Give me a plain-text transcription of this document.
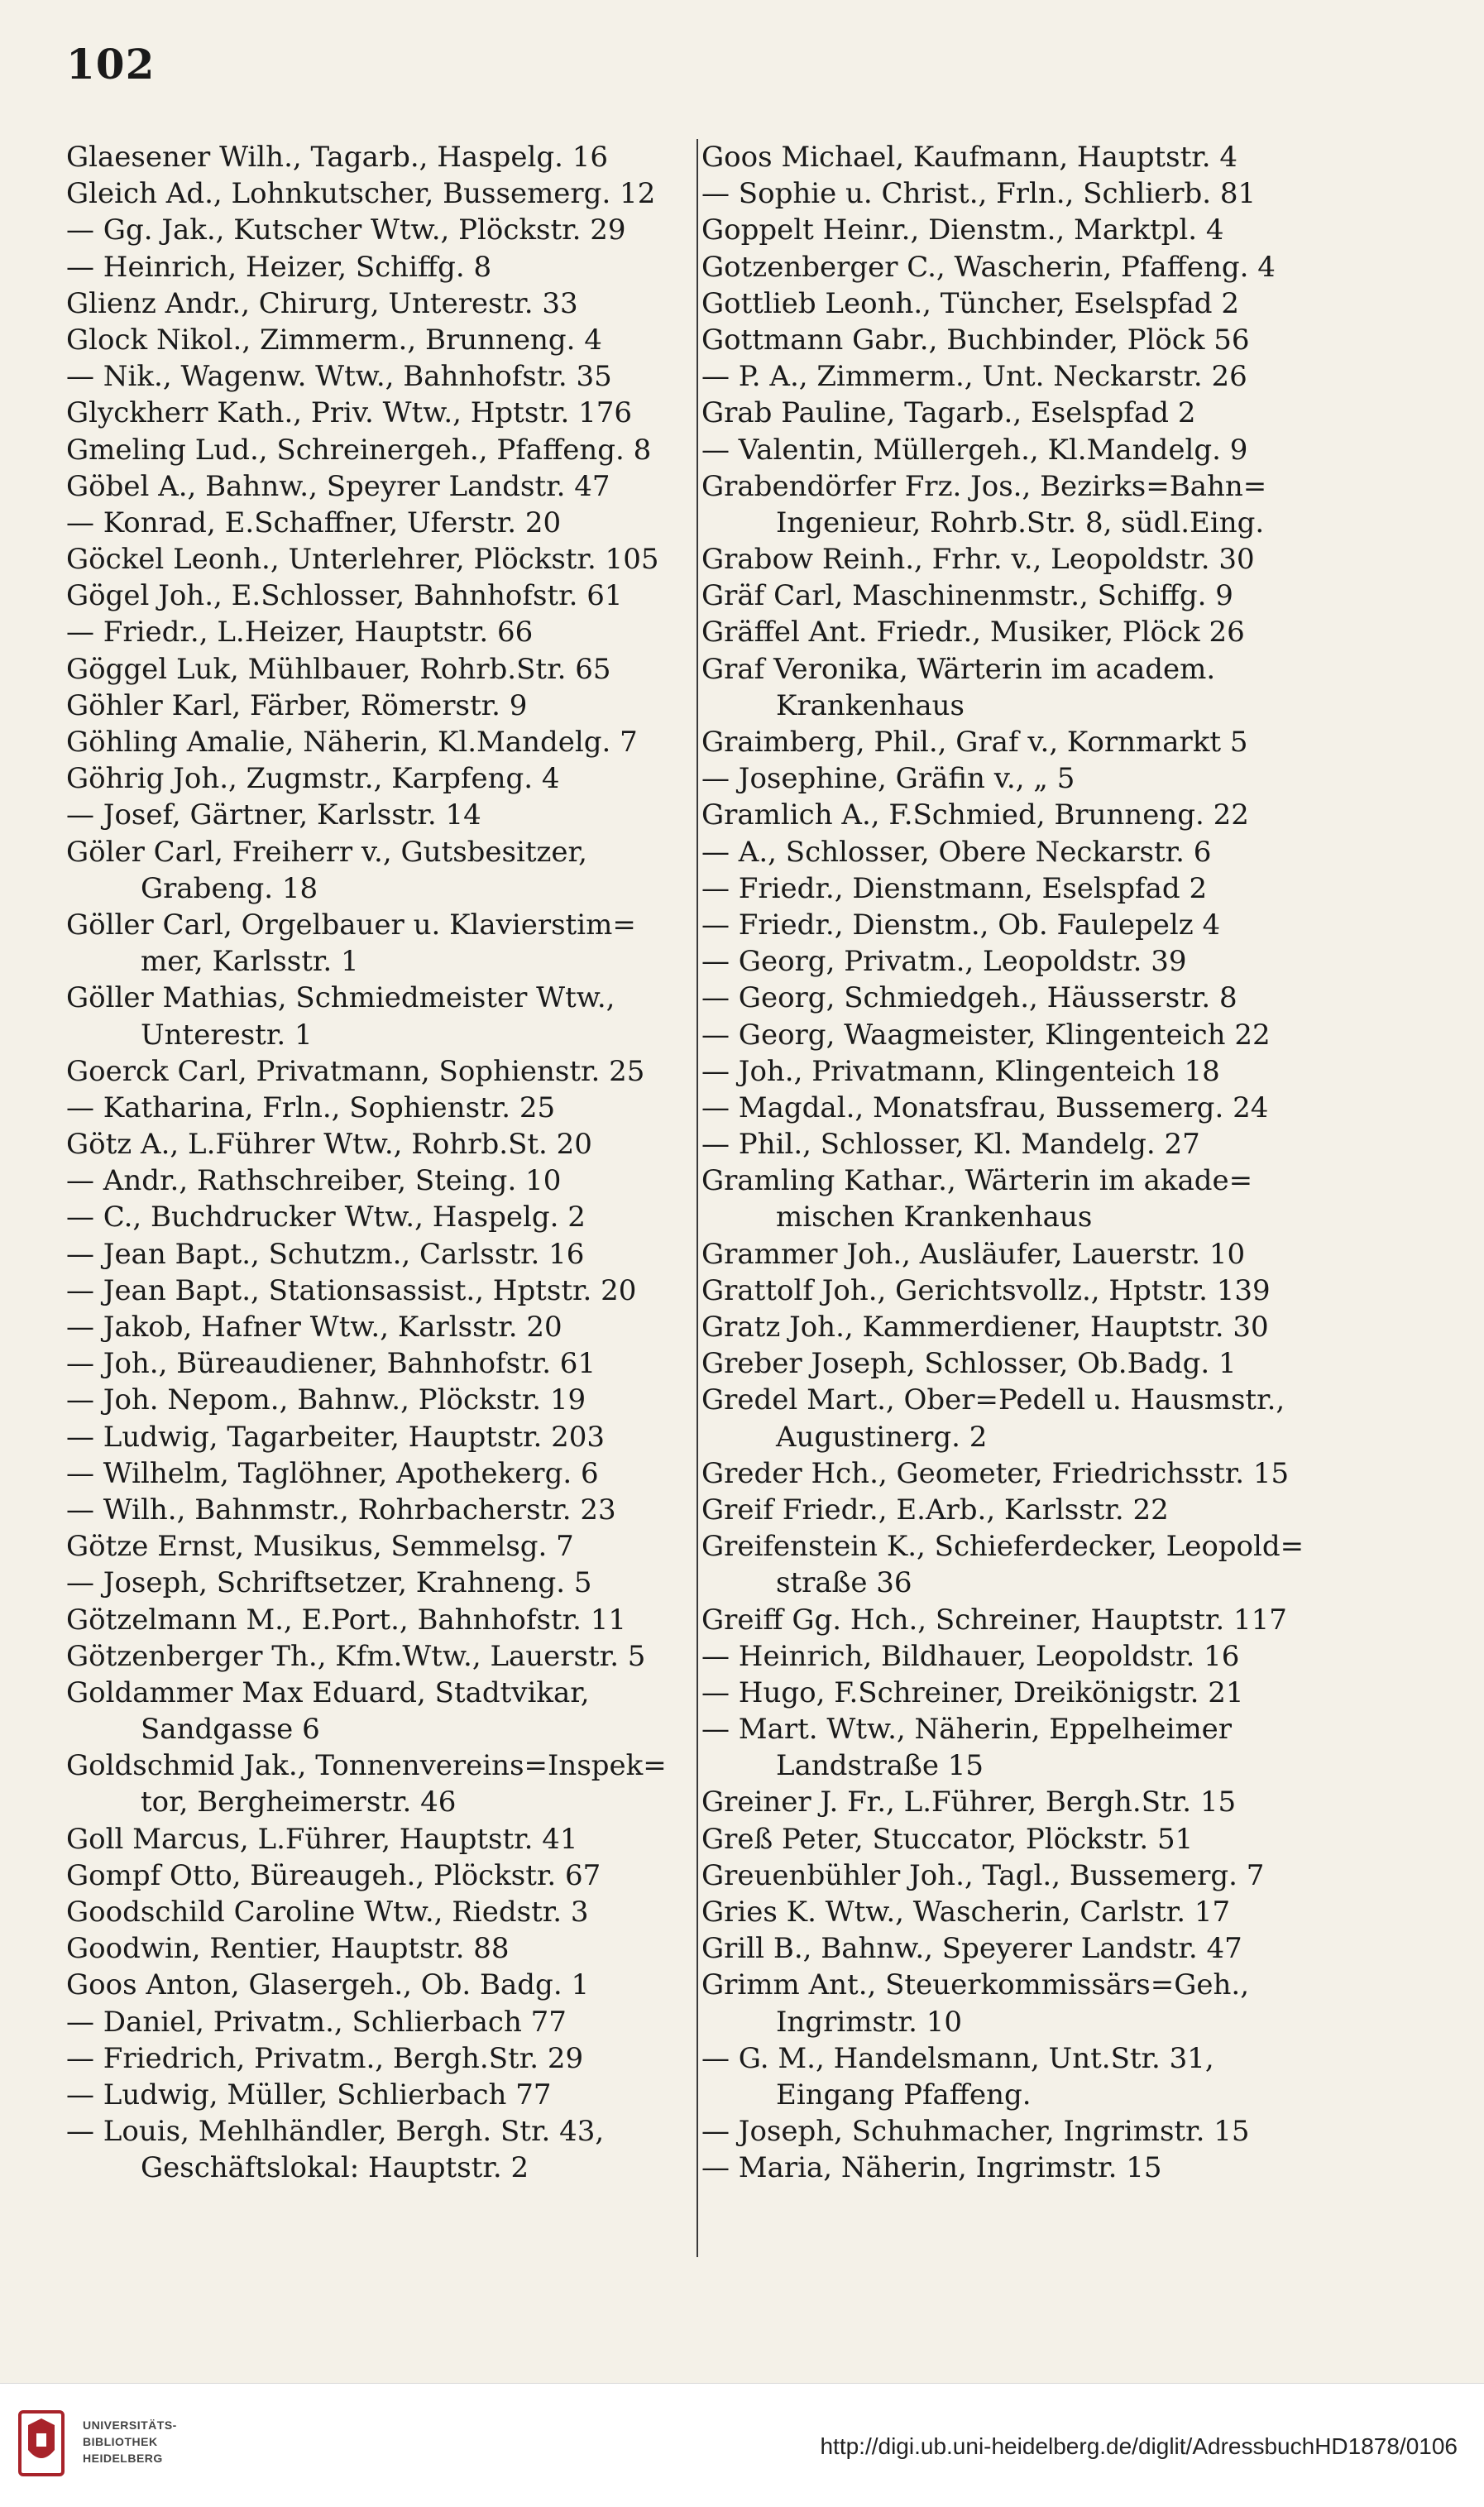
102
Glaesener Wilh., Tagarb., Haspelg. 16
Gleich Ad., Lohnkutscher, Bussemerg. 12
— Gg. Jak., Kutscher Wtw., Plöckstr. 29
— Heinrich, Heizer, Schiffg. 8
Glienz Andr., Chirurg, Unterestr. 33
Glock Nikol., Zimmerm., Brunneng. 4
— Nik., Wagenw. Wtw., Bahnhofstr. 35
Glyckherr Kath., Priv. Wtw., Hptstr. 176
Gmeling Lud., Schreinergeh., Pfaffeng. 8
Göbel A., Bahnw., Speyrer Landstr. 47
— Konrad, E.Schaffner, Uferstr. 20
Göckel Leonh., Unterlehrer, Plöckstr. 105
Gögel Joh., E.Schlosser, Bahnhofstr. 61
— Friedr., L.Heizer, Hauptstr. 66
Göggel Luk, Mühlbauer, Rohrb.Str. 65
Göhler Karl, Färber, Römerstr. 9
Göhling Amalie, Näherin, Kl.Mandelg. 7
Göhrig Joh., Zugmstr., Karpfeng. 4
— Josef, Gärtner, Karlsstr. 14
Göler Carl, Freiherr v., Gutsbesitzer,
Grabeng. 18
Göller Carl, Orgelbauer u. Klavierstim=
mer, Karlsstr. 1
Göller Mathias, Schmiedmeister Wtw.,
Unterestr. 1
Goerck Carl, Privatmann, Sophienstr. 25
— Katharina, Frln., Sophienstr. 25
Götz A., L.Führer Wtw., Rohrb.St. 20
— Andr., Rathschreiber, Steing. 10
— C., Buchdrucker Wtw., Haspelg. 2
— Jean Bapt., Schutzm., Carlsstr. 16
— Jean Bapt., Stationsassist., Hptstr. 20
— Jakob, Hafner Wtw., Karlsstr. 20
— Joh., Büreaudiener, Bahnhofstr. 61
— Joh. Nepom., Bahnw., Plöckstr. 19
— Ludwig, Tagarbeiter, Hauptstr. 203
— Wilhelm, Taglöhner, Apothekerg. 6
— Wilh., Bahnmstr., Rohrbacherstr. 23
Götze Ernst, Musikus, Semmelsg. 7
— Joseph, Schriftsetzer, Krahneng. 5
Götzelmann M., E.Port., Bahnhofstr. 11
Götzenberger Th., Kfm.Wtw., Lauerstr. 5
Goldammer Max Eduard, Stadtvikar,
Sandgasse 6
Goldschmid Jak., Tonnenvereins=Inspek=
tor, Bergheimerstr. 46
Goll Marcus, L.Führer, Hauptstr. 41
Gompf Otto, Büreaugeh., Plöckstr. 67
Goodschild Caroline Wtw., Riedstr. 3
Goodwin, Rentier, Hauptstr. 88
Goos Anton, Glasergeh., Ob. Badg. 1
— Daniel, Privatm., Schlierbach 77
— Friedrich, Privatm., Bergh.Str. 29
— Ludwig, Müller, Schlierbach 77
— Louis, Mehlhändler, Bergh. Str. 43,
Geschäftslokal: Hauptstr. 2
Goos Michael, Kaufmann, Hauptstr. 4
— Sophie u. Christ., Frln., Schlierb. 81
Goppelt Heinr., Dienstm., Marktpl. 4
Gotzenberger C., Wascherin, Pfaffeng. 4
Gottlieb Leonh., Tüncher, Eselspfad 2
Gottmann Gabr., Buchbinder, Plöck 56
— P. A., Zimmerm., Unt. Neckarstr. 26
Grab Pauline, Tagarb., Eselspfad 2
— Valentin, Müllergeh., Kl.Mandelg. 9
Grabendörfer Frz. Jos., Bezirks=Bahn=
Ingenieur, Rohrb.Str. 8, südl.Eing.
Grabow Reinh., Frhr. v., Leopoldstr. 30
Gräf Carl, Maschinenmstr., Schiffg. 9
Gräffel Ant. Friedr., Musiker, Plöck 26
Graf Veronika, Wärterin im academ.
Krankenhaus
Graimberg, Phil., Graf v., Kornmarkt 5
— Josephine, Gräfin v., „ 5
Gramlich A., F.Schmied, Brunneng. 22
— A., Schlosser, Obere Neckarstr. 6
— Friedr., Dienstmann, Eselspfad 2
— Friedr., Dienstm., Ob. Faulepelz 4
— Georg, Privatm., Leopoldstr. 39
— Georg, Schmiedgeh., Häusserstr. 8
— Georg, Waagmeister, Klingenteich 22
— Joh., Privatmann, Klingenteich 18
— Magdal., Monatsfrau, Bussemerg. 24
— Phil., Schlosser, Kl. Mandelg. 27
Gramling Kathar., Wärterin im akade=
mischen Krankenhaus
Grammer Joh., Ausläufer, Lauerstr. 10
Grattolf Joh., Gerichtsvollz., Hptstr. 139
Gratz Joh., Kammerdiener, Hauptstr. 30
Greber Joseph, Schlosser, Ob.Badg. 1
Gredel Mart., Ober=Pedell u. Hausmstr.,
Augustinerg. 2
Greder Hch., Geometer, Friedrichsstr. 15
Greif Friedr., E.Arb., Karlsstr. 22
Greifenstein K., Schieferdecker, Leopold=
straße 36
Greiff Gg. Hch., Schreiner, Hauptstr. 117
— Heinrich, Bildhauer, Leopoldstr. 16
— Hugo, F.Schreiner, Dreikönigstr. 21
— Mart. Wtw., Näherin, Eppelheimer
Landstraße 15
Greiner J. Fr., L.Führer, Bergh.Str. 15
Greß Peter, Stuccator, Plöckstr. 51
Greuenbühler Joh., Tagl., Bussemerg. 7
Gries K. Wtw., Wascherin, Carlstr. 17
Grill B., Bahnw., Speyerer Landstr. 47
Grimm Ant., Steuerkommissärs=Geh.,
Ingrimstr. 10
— G. M., Handelsmann, Unt.Str. 31,
Eingang Pfaffeng.
— Joseph, Schuhmacher, Ingrimstr. 15
— Maria, Näherin, Ingrimstr. 15
UNIVERSITÄTS-
BIBLIOTHEK
HEIDELBERG	http://digi.ub.uni-heidelberg.de/diglit/AdressbuchHD1878/0106
